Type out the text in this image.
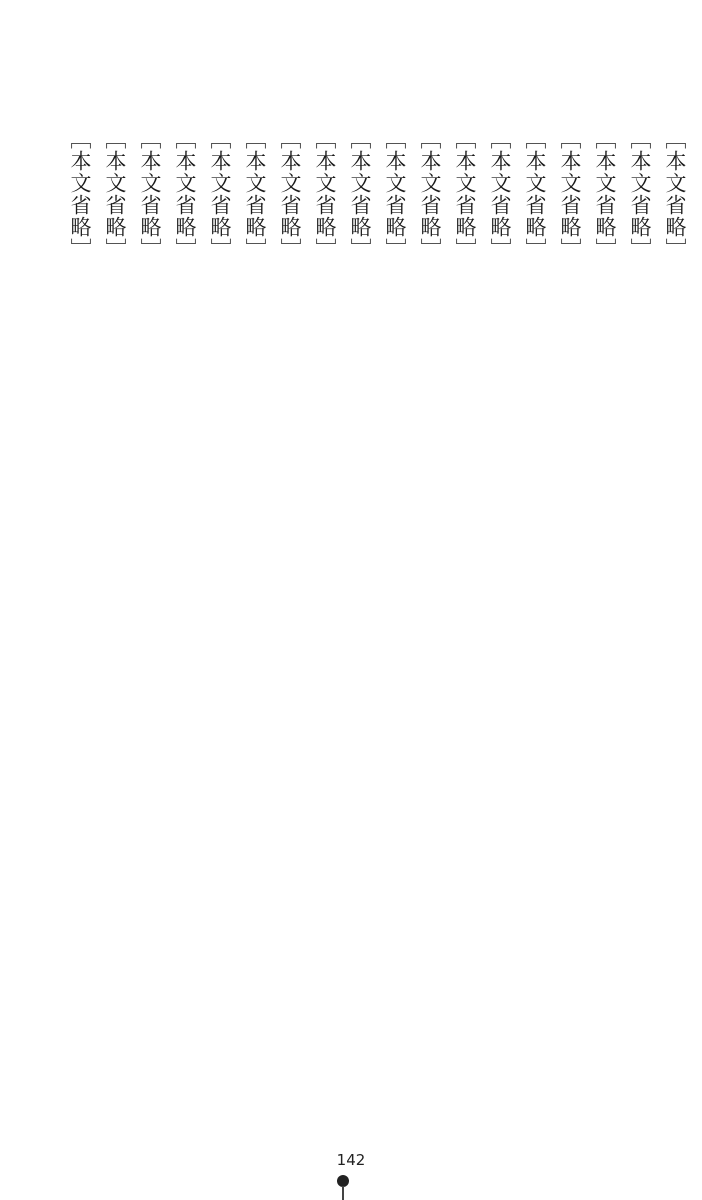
［本文省略］

［本文省略］

［本文省略］

［本文省略］

［本文省略］

［本文省略］

［本文省略］

［本文省略］

［本文省略］

［本文省略］

［本文省略］

［本文省略］

［本文省略］

［本文省略］

［本文省略］

［本文省略］

［本文省略］

［本文省略］

142
